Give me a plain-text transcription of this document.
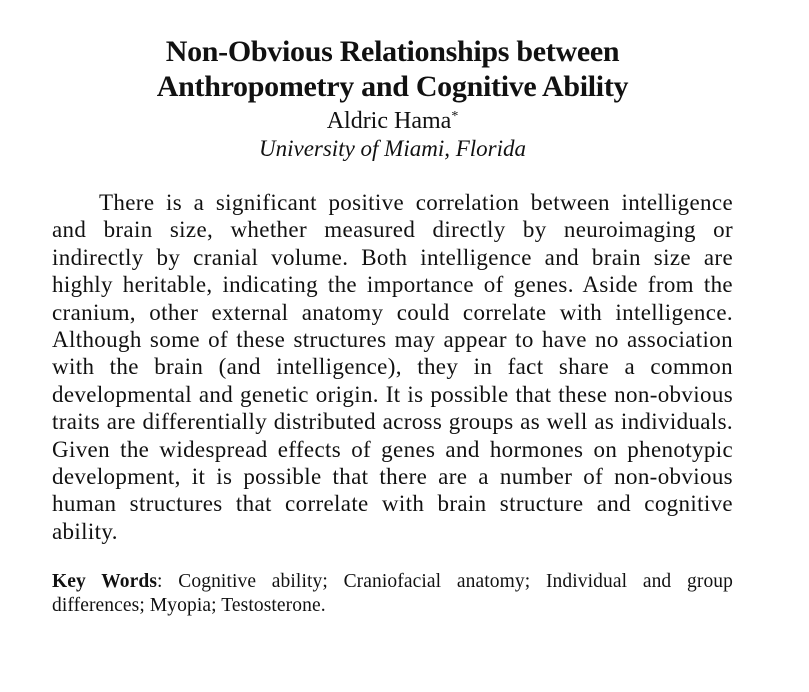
Non-Obvious Relationships between
Anthropometry and Cognitive Ability

Aldric Hama*

University of Miami, Florida

There is a significant positive correlation between intelligence and brain size, whether measured directly by neuroimaging or indirectly by cranial volume. Both intelligence and brain size are highly heritable, indicating the importance of genes. Aside from the cranium, other external anatomy could correlate with intelligence. Although some of these structures may appear to have no association with the brain (and intelligence), they in fact share a common developmental and genetic origin. It is possible that these non-obvious traits are differentially distributed across groups as well as individuals. Given the widespread effects of genes and hormones on phenotypic development, it is possible that there are a number of non-obvious human structures that correlate with brain structure and cognitive ability.

Key Words: Cognitive ability; Craniofacial anatomy; Individual and group differences; Myopia; Testosterone.
